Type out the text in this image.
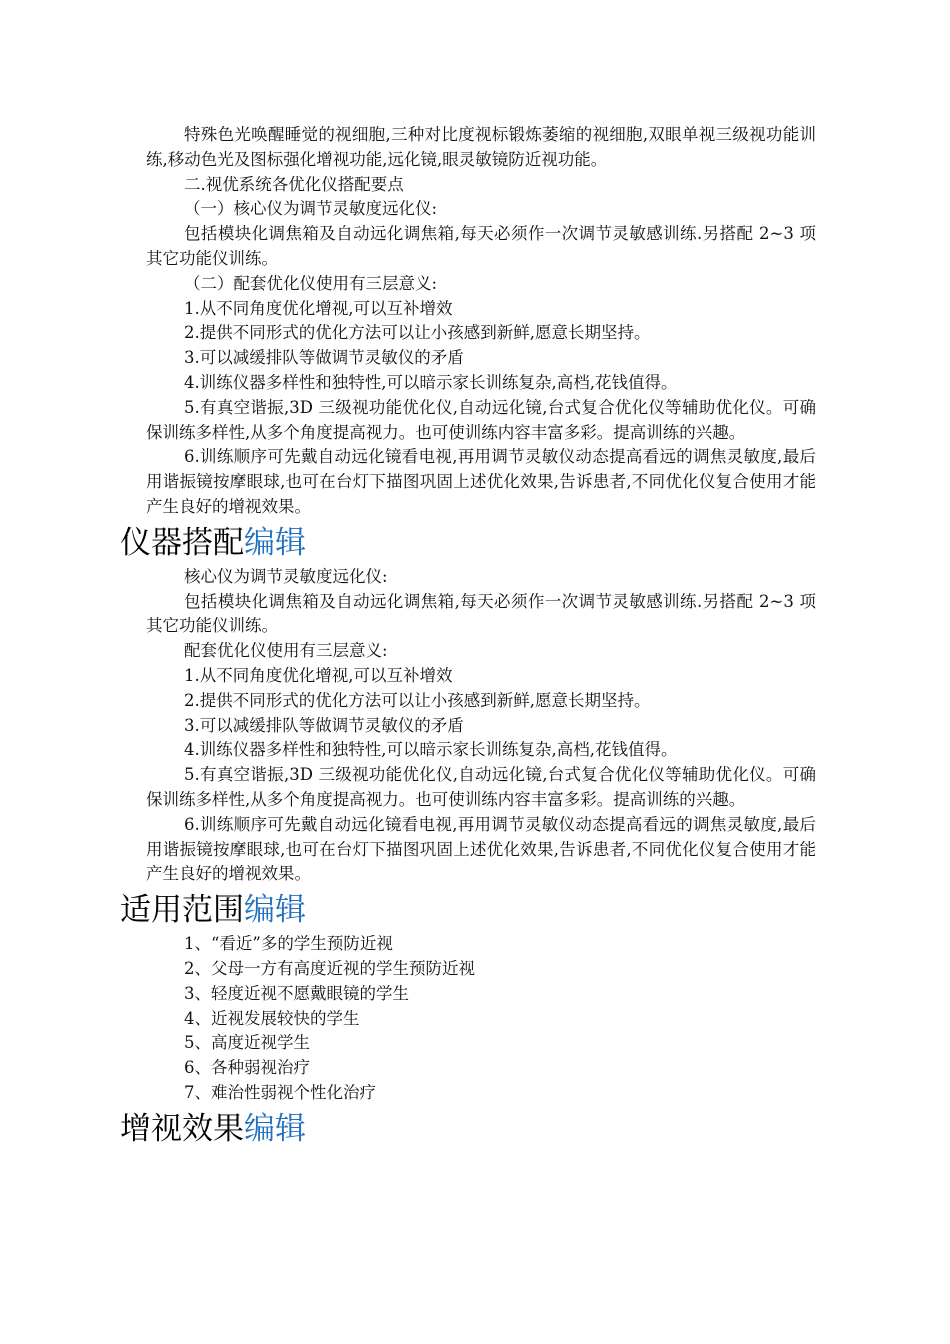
特殊色光唤醒睡觉的视细胞,三种对比度视标锻炼萎缩的视细胞,双眼单视三级视功能训练,移动色光及图标强化增视功能,远化镜,眼灵敏镜防近视功能。

二.视优系统各优化仪搭配要点

（一）核心仪为调节灵敏度远化仪:

包括模块化调焦箱及自动远化调焦箱,每天必须作一次调节灵敏感训练.另搭配 2~3 项其它功能仪训练。

（二）配套优化仪使用有三层意义:

1.从不同角度优化增视,可以互补增效

2.提供不同形式的优化方法可以让小孩感到新鲜,愿意长期坚持。

3.可以减缓排队等做调节灵敏仪的矛盾

4.训练仪器多样性和独特性,可以暗示家长训练复杂,高档,花钱值得。

5.有真空谐振,3D 三级视功能优化仪,自动远化镜,台式复合优化仪等辅助优化仪。可确保训练多样性,从多个角度提高视力。也可使训练内容丰富多彩。提高训练的兴趣。

6.训练顺序可先戴自动远化镜看电视,再用调节灵敏仪动态提高看远的调焦灵敏度,最后用谐振镜按摩眼球,也可在台灯下描图巩固上述优化效果,告诉患者,不同优化仪复合使用才能产生良好的增视效果。

仪器搭配编辑

核心仪为调节灵敏度远化仪:

包括模块化调焦箱及自动远化调焦箱,每天必须作一次调节灵敏感训练.另搭配 2~3 项其它功能仪训练。

配套优化仪使用有三层意义:

1.从不同角度优化增视,可以互补增效

2.提供不同形式的优化方法可以让小孩感到新鲜,愿意长期坚持。

3.可以减缓排队等做调节灵敏仪的矛盾

4.训练仪器多样性和独特性,可以暗示家长训练复杂,高档,花钱值得。

5.有真空谐振,3D 三级视功能优化仪,自动远化镜,台式复合优化仪等辅助优化仪。可确保训练多样性,从多个角度提高视力。也可使训练内容丰富多彩。提高训练的兴趣。

6.训练顺序可先戴自动远化镜看电视,再用调节灵敏仪动态提高看远的调焦灵敏度,最后用谐振镜按摩眼球,也可在台灯下描图巩固上述优化效果,告诉患者,不同优化仪复合使用才能产生良好的增视效果。

适用范围编辑

1、“看近”多的学生预防近视

2、父母一方有高度近视的学生预防近视

3、轻度近视不愿戴眼镜的学生

4、近视发展较快的学生

5、高度近视学生

6、各种弱视治疗

7、难治性弱视个性化治疗

增视效果编辑
